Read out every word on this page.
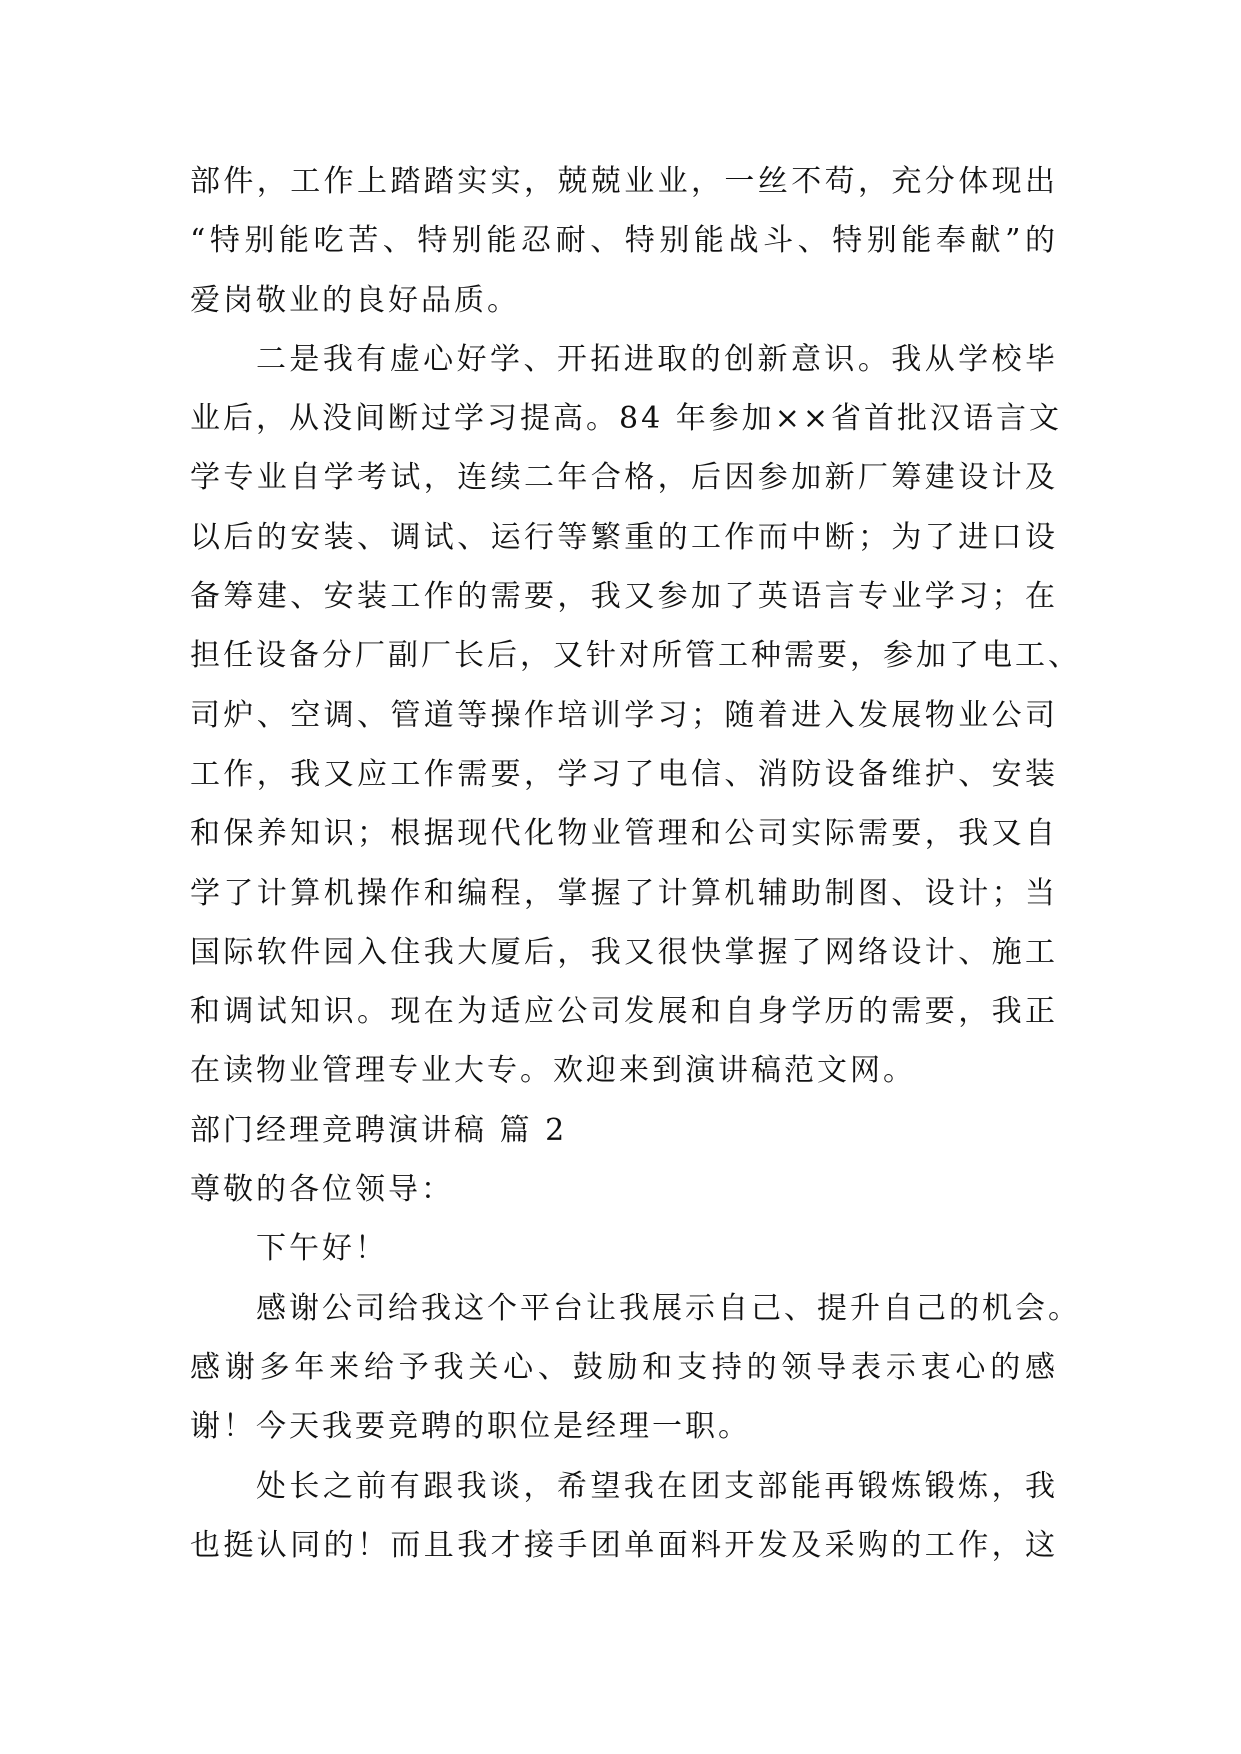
部件，工作上踏踏实实，兢兢业业，一丝不苟，充分体现出
“特别能吃苦、特别能忍耐、特别能战斗、特别能奉献”的
爱岗敬业的良好品质。
二是我有虚心好学、开拓进取的创新意识。我从学校毕
业后，从没间断过学习提高。84 年参加××省首批汉语言文
学专业自学考试，连续二年合格，后因参加新厂筹建设计及
以后的安装、调试、运行等繁重的工作而中断；为了进口设
备筹建、安装工作的需要，我又参加了英语言专业学习；在
担任设备分厂副厂长后，又针对所管工种需要，参加了电工、
司炉、空调、管道等操作培训学习；随着进入发展物业公司
工作，我又应工作需要，学习了电信、消防设备维护、安装
和保养知识；根据现代化物业管理和公司实际需要，我又自
学了计算机操作和编程，掌握了计算机辅助制图、设计；当
国际软件园入住我大厦后，我又很快掌握了网络设计、施工
和调试知识。现在为适应公司发展和自身学历的需要，我正
在读物业管理专业大专。欢迎来到演讲稿范文网。
部门经理竞聘演讲稿 篇 2
尊敬的各位领导：
下午好！
感谢公司给我这个平台让我展示自己、提升自己的机会。
感谢多年来给予我关心、鼓励和支持的领导表示衷心的感
谢！今天我要竞聘的职位是经理一职。
处长之前有跟我谈，希望我在团支部能再锻炼锻炼，我
也挺认同的！而且我才接手团单面料开发及采购的工作，这
